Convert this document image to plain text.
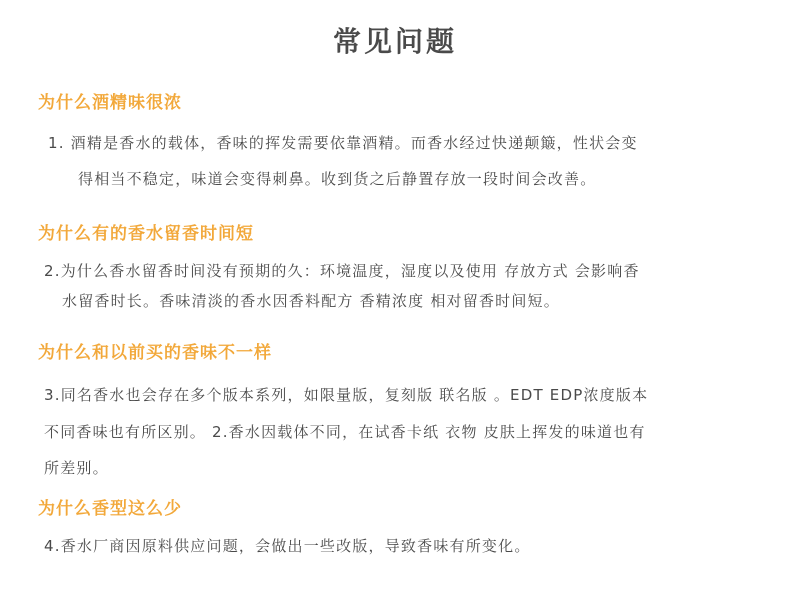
常见问题
为什么酒精味很浓
1. 酒精是香水的载体，香味的挥发需要依靠酒精。而香水经过快递颠簸，性状会变
得相当不稳定，味道会变得刺鼻。收到货之后静置存放一段时间会改善。
为什么有的香水留香时间短
2.为什么香水留香时间没有预期的久：环境温度，湿度以及使用 存放方式 会影响香
水留香时长。香味清淡的香水因香料配方 香精浓度 相对留香时间短。
为什么和以前买的香味不一样
3.同名香水也会存在多个版本系列，如限量版，复刻版 联名版 。EDT EDP浓度版本
不同香味也有所区别。 2.香水因载体不同，在试香卡纸 衣物 皮肤上挥发的味道也有
所差别。
为什么香型这么少
4.香水厂商因原料供应问题，会做出一些改版，导致香味有所变化。
